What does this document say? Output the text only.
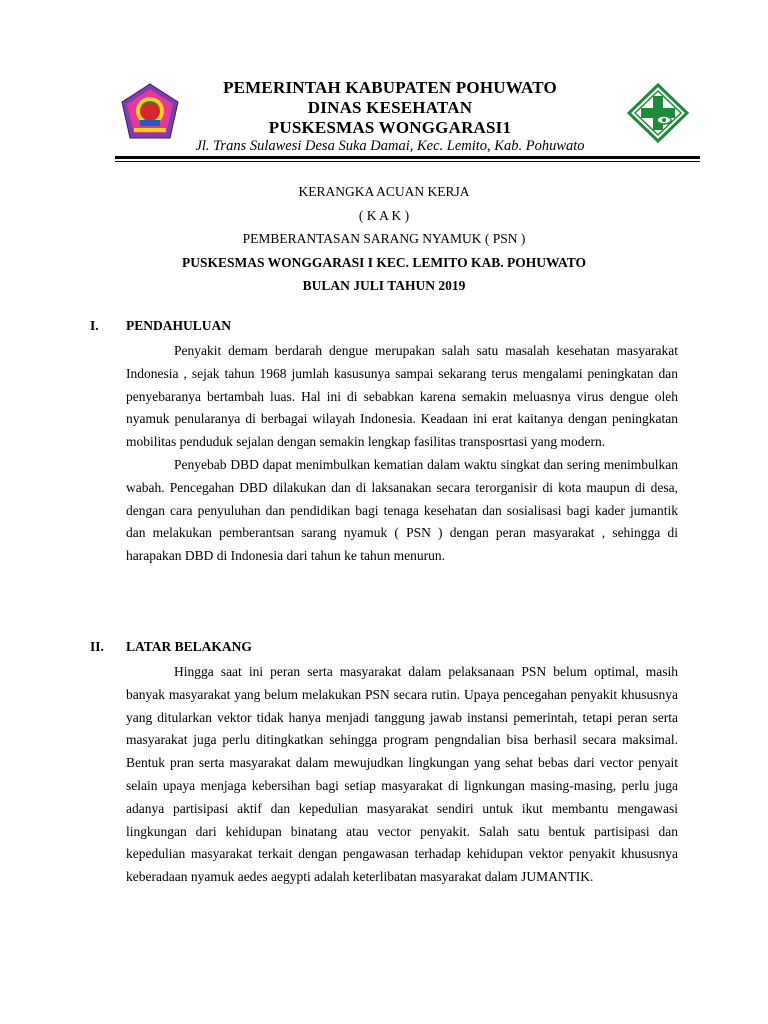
PEMERINTAH KABUPATEN POHUWATO
DINAS KESEHATAN
PUSKESMAS WONGGARASI1
Jl. Trans Sulawesi Desa Suka Damai, Kec. Lemito, Kab. Pohuwato
KERANGKA ACUAN KERJA
( K A K )
PEMBERANTASAN SARANG NYAMUK ( PSN )
PUSKESMAS WONGGARASI I KEC. LEMITO KAB. POHUWATO
BULAN JULI TAHUN 2019
I. PENDAHULUAN

Penyakit demam berdarah dengue merupakan salah satu masalah kesehatan masyarakat Indonesia , sejak tahun 1968 jumlah kasusunya sampai sekarang terus mengalami peningkatan dan penyebaranya bertambah luas. Hal ini di sebabkan karena semakin meluasnya virus dengue oleh nyamuk penularanya di berbagai wilayah Indonesia. Keadaan ini erat kaitanya dengan peningkatan mobilitas penduduk sejalan dengan semakin lengkap fasilitas transposrtasi yang modern.

Penyebab DBD dapat menimbulkan kematian dalam waktu singkat dan sering menimbulkan wabah. Pencegahan DBD dilakukan dan di laksanakan secara terorganisir di kota maupun di desa, dengan cara penyuluhan dan pendidikan bagi tenaga kesehatan dan sosialisasi bagi kader jumantik dan melakukan pemberantsan sarang nyamuk ( PSN ) dengan peran masyarakat , sehingga di harapakan DBD di Indonesia dari tahun ke tahun menurun.

II. LATAR BELAKANG

Hingga saat ini peran serta masyarakat dalam pelaksanaan PSN belum optimal, masih banyak masyarakat yang belum melakukan PSN secara rutin. Upaya pencegahan penyakit khususnya yang ditularkan vektor tidak hanya menjadi tanggung jawab instansi pemerintah, tetapi peran serta masyarakat juga perlu ditingkatkan sehingga program pengndalian bisa berhasil secara maksimal. Bentuk pran serta masyarakat dalam mewujudkan lingkungan yang sehat bebas dari vector penyait selain upaya menjaga kebersihan bagi setiap masyarakat di lignkungan masing-masing, perlu juga adanya partisipasi aktif dan kepedulian masyarakat sendiri untuk ikut membantu mengawasi lingkungan dari kehidupan binatang atau vector penyakit. Salah satu bentuk partisipasi dan kepedulian masyarakat terkait dengan pengawasan terhadap kehidupan vektor penyakit khususnya keberadaan nyamuk aedes aegypti adalah keterlibatan masyarakat dalam JUMANTIK.
